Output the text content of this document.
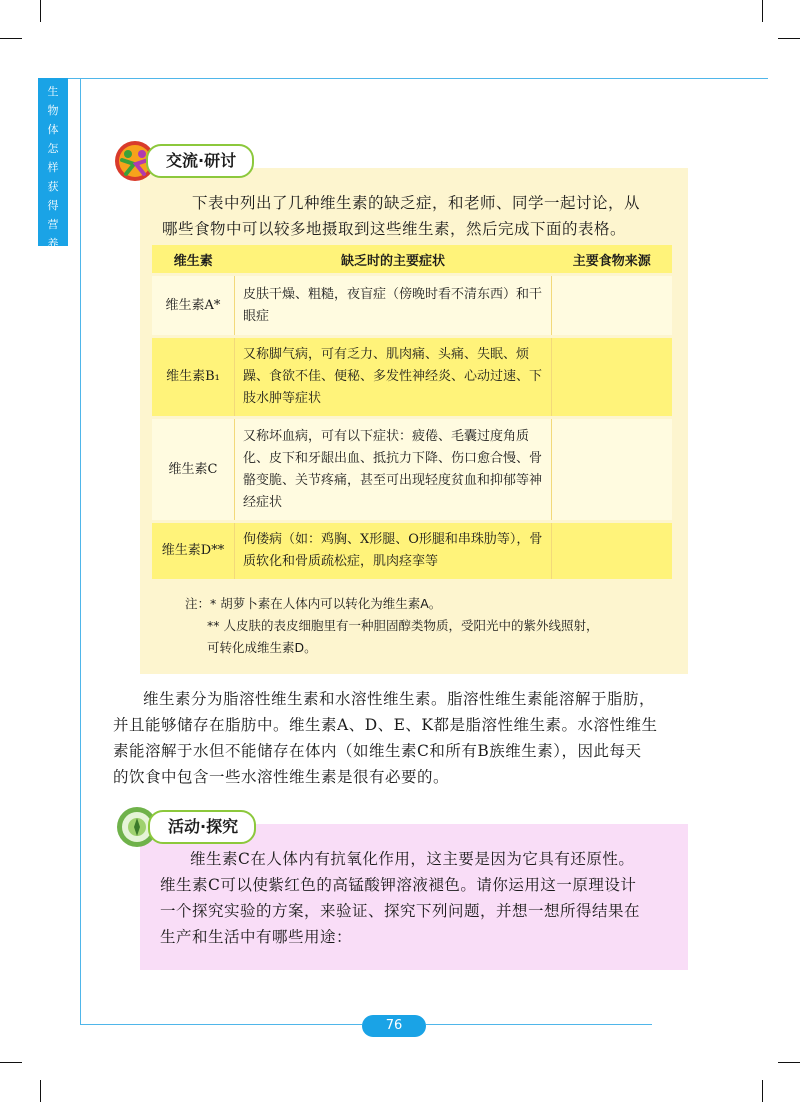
生
物
体
怎
样
获
得
营
养
交流·研讨
下表中列出了几种维生素的缺乏症，和老师、同学一起讨论，从
哪些食物中可以较多地摄取到这些维生素，然后完成下面的表格。
维生素	缺乏时的主要症状	主要食物来源
维生素A*	皮肤干燥、粗糙，夜盲症（傍晚时看不清东西）和干眼症	
维生素B₁	又称脚气病，可有乏力、肌肉痛、头痛、失眠、烦躁、食欲不佳、便秘、多发性神经炎、心动过速、下肢水肿等症状	
维生素C	又称坏血病，可有以下症状：疲倦、毛囊过度角质化、皮下和牙龈出血、抵抗力下降、伤口愈合慢、骨骼变脆、关节疼痛，甚至可出现轻度贫血和抑郁等神经症状	
维生素D**	佝偻病（如：鸡胸、X形腿、O形腿和串珠肋等），骨质软化和骨质疏松症，肌肉痉挛等	
注：* 胡萝卜素在人体内可以转化为维生素A。
** 人皮肤的表皮细胞里有一种胆固醇类物质，受阳光中的紫外线照射，
可转化成维生素D。
维生素分为脂溶性维生素和水溶性维生素。脂溶性维生素能溶解于脂肪，
并且能够储存在脂肪中。维生素A、D、E、K都是脂溶性维生素。水溶性维生
素能溶解于水但不能储存在体内（如维生素C和所有B族维生素），因此每天
的饮食中包含一些水溶性维生素是很有必要的。
活动·探究
维生素C在人体内有抗氧化作用，这主要是因为它具有还原性。
维生素C可以使紫红色的高锰酸钾溶液褪色。请你运用这一原理设计
一个探究实验的方案，来验证、探究下列问题，并想一想所得结果在
生产和生活中有哪些用途：
76
